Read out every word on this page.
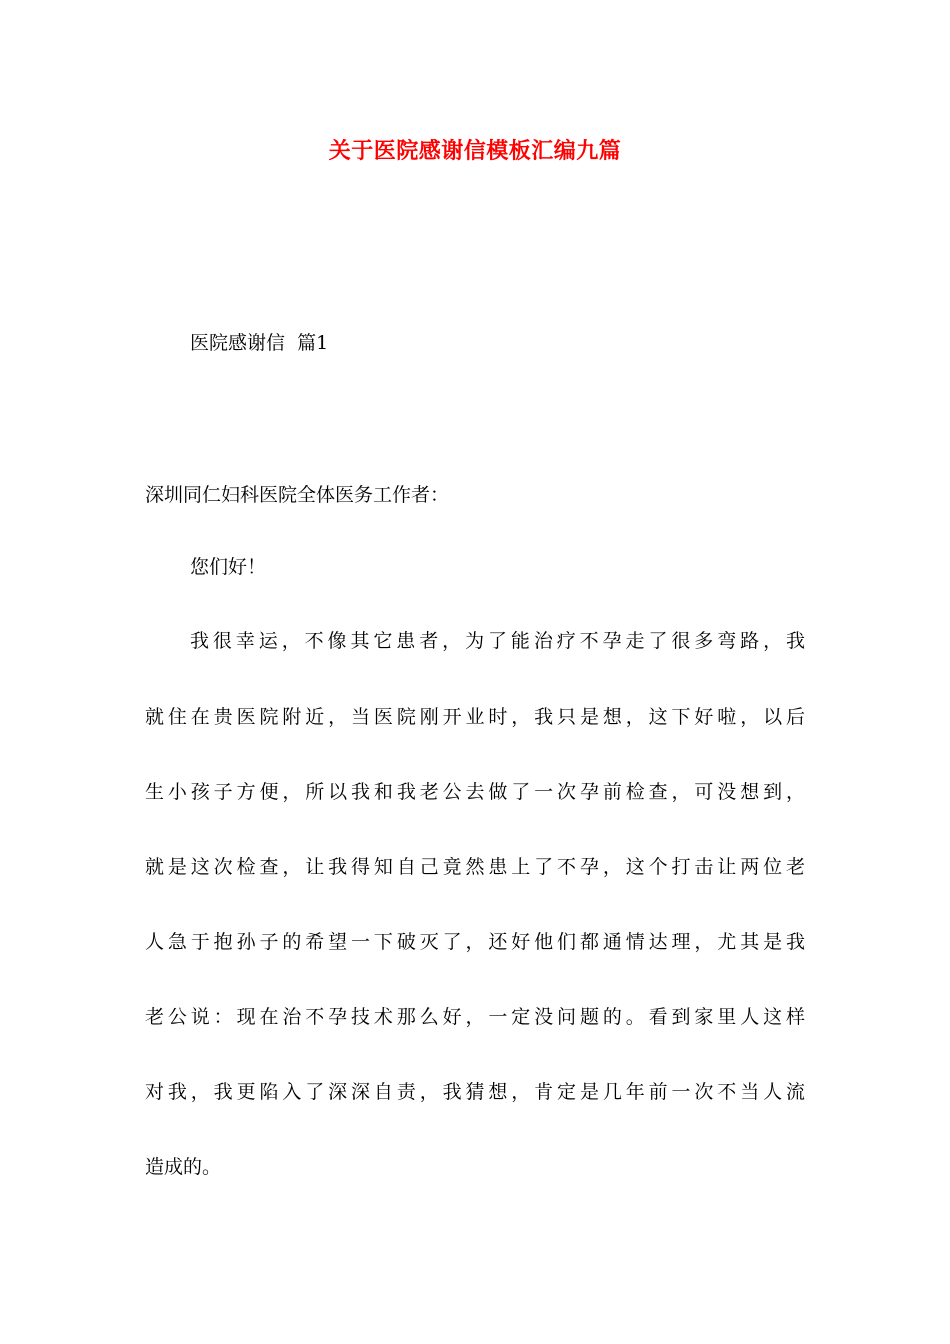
关于医院感谢信模板汇编九篇
医院感谢信  篇1
深圳同仁妇科医院全体医务工作者：
您们好！
我很幸运，不像其它患者，为了能治疗不孕走了很多弯路，我
就住在贵医院附近，当医院刚开业时，我只是想，这下好啦，以后
生小孩子方便，所以我和我老公去做了一次孕前检查，可没想到，
就是这次检查，让我得知自己竟然患上了不孕，这个打击让两位老
人急于抱孙子的希望一下破灭了，还好他们都通情达理，尤其是我
老公说：现在治不孕技术那么好，一定没问题的。看到家里人这样
对我，我更陷入了深深自责，我猜想，肯定是几年前一次不当人流
造成的。
